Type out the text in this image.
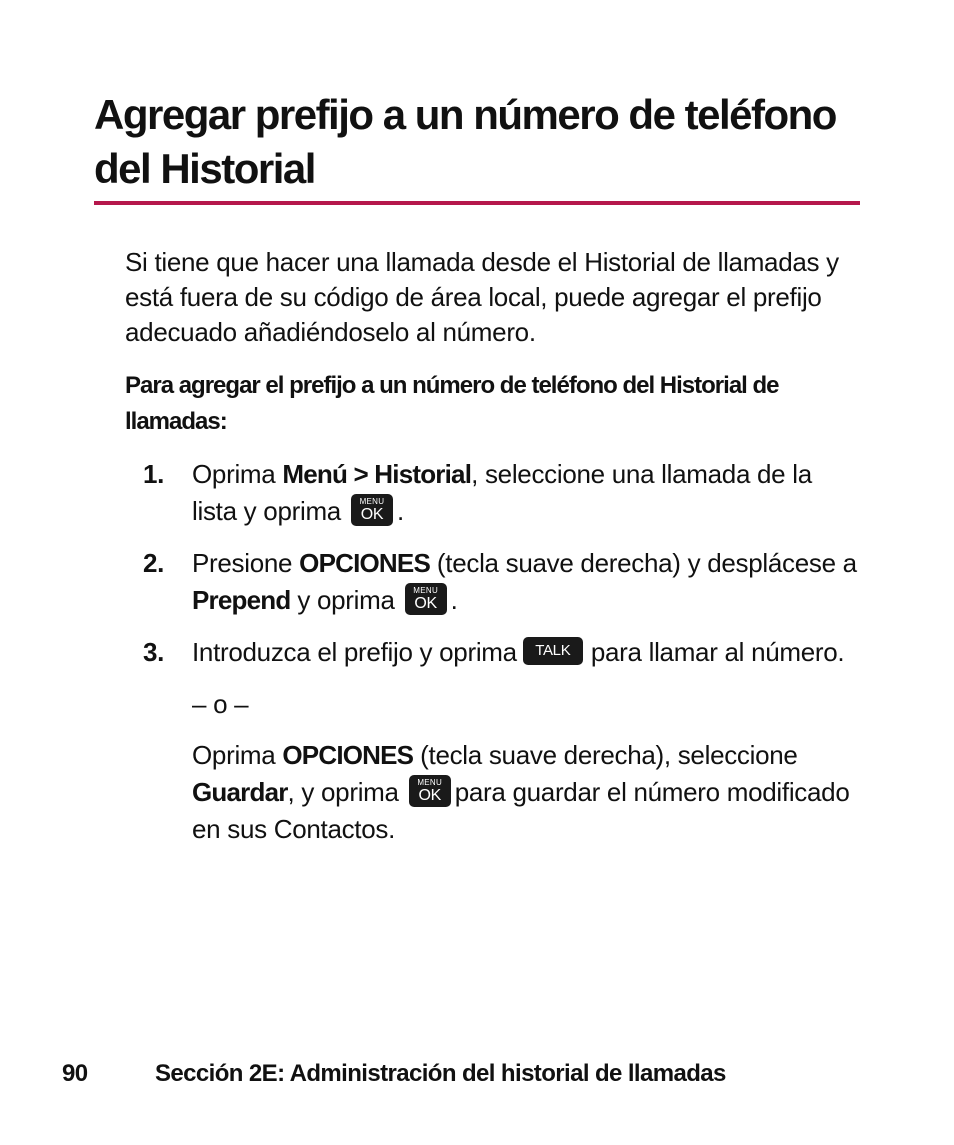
Agregar prefijo a un número de teléfono del Historial

Si tiene que hacer una llamada desde el Historial de llamadas y está fuera de su código de área local, puede agregar el prefijo adecuado añadiéndoselo al número.

Para agregar el prefijo a un número de teléfono del Historial de llamadas:

1. Oprima Menú > Historial, seleccione una llamada de la lista y oprima	MENU
OK .
2. Presione OPCIONES (tecla suave derecha) y desplácese a Prepend y oprima	MENU
OK .
3. Introduzca el prefijo y oprima TALK para llamar al número.
– o –
Oprima OPCIONES (tecla suave derecha), seleccione Guardar, y oprima	MENU
OK para guardar el número modificado en sus Contactos.
90	Sección 2E: Administración del historial de llamadas
